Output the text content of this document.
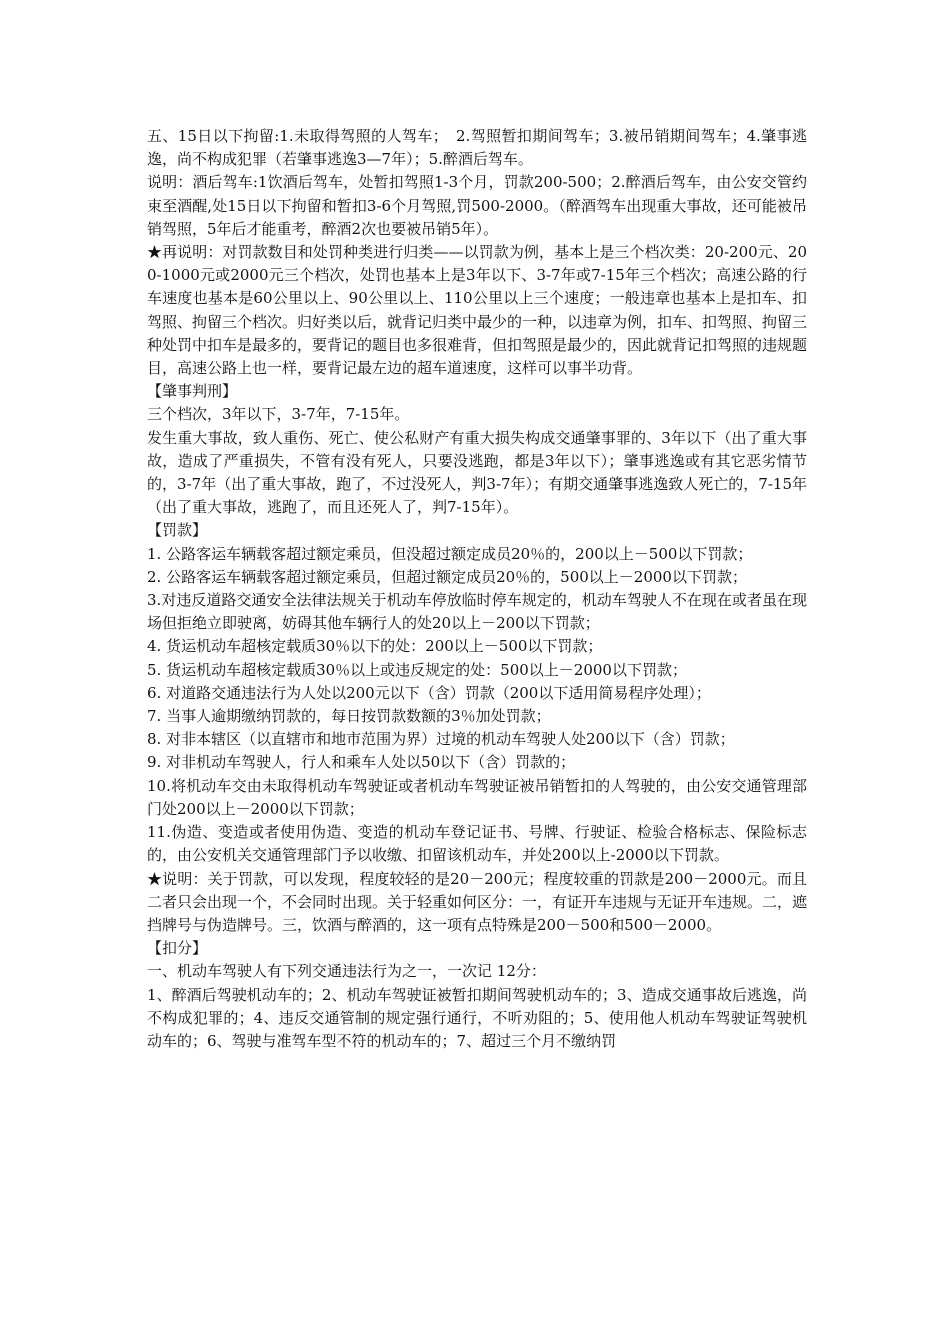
五、15日以下拘留:1.未取得驾照的人驾车；　2.驾照暂扣期间驾车；3.被吊销期间驾车；4.肇事逃逸，尚不构成犯罪（若肇事逃逸3—7年）；5.醉酒后驾车。

说明：酒后驾车:1饮酒后驾车，处暂扣驾照1-3个月，罚款200-500；2.醉酒后驾车，由公安交管约束至酒醒,处15日以下拘留和暂扣3-6个月驾照,罚500-2000。（醉酒驾车出现重大事故，还可能被吊销驾照，5年后才能重考，醉酒2次也要被吊销5年）。

★再说明：对罚款数目和处罚种类进行归类——以罚款为例，基本上是三个档次类：20-200元、200-1000元或2000元三个档次，处罚也基本上是3年以下、3-7年或7-15年三个档次；高速公路的行车速度也基本是60公里以上、90公里以上、110公里以上三个速度；一般违章也基本上是扣车、扣驾照、拘留三个档次。归好类以后，就背记归类中最少的一种，以违章为例，扣车、扣驾照、拘留三种处罚中扣车是最多的，要背记的题目也多很难背，但扣驾照是最少的，因此就背记扣驾照的违规题目，高速公路上也一样，要背记最左边的超车道速度，这样可以事半功背。

【肇事判刑】

三个档次，3年以下，3-7年，7-15年。

发生重大事故，致人重伤、死亡、使公私财产有重大损失构成交通肇事罪的、3年以下（出了重大事故，造成了严重损失，不管有没有死人，只要没逃跑，都是3年以下）；肇事逃逸或有其它恶劣情节的，3-7年（出了重大事故，跑了，不过没死人，判3-7年）；有期交通肇事逃逸致人死亡的，7-15年（出了重大事故，逃跑了，而且还死人了，判7-15年）。

【罚款】

1. 公路客运车辆载客超过额定乘员，但没超过额定成员20％的，200以上－500以下罚款；

2. 公路客运车辆载客超过额定乘员，但超过额定成员20％的，500以上－2000以下罚款；

3.对违反道路交通安全法律法规关于机动车停放临时停车规定的，机动车驾驶人不在现在或者虽在现场但拒绝立即驶离，妨碍其他车辆行人的处20以上－200以下罚款；

4. 货运机动车超核定载质30％以下的处：200以上－500以下罚款；

5. 货运机动车超核定载质30％以上或违反规定的处：500以上－2000以下罚款；

6. 对道路交通违法行为人处以200元以下（含）罚款（200以下适用简易程序处理）；

7. 当事人逾期缴纳罚款的，每日按罚款数额的3％加处罚款；

8. 对非本辖区（以直辖市和地市范围为界）过境的机动车驾驶人处200以下（含）罚款；

9. 对非机动车驾驶人，行人和乘车人处以50以下（含）罚款的；

10.将机动车交由未取得机动车驾驶证或者机动车驾驶证被吊销暂扣的人驾驶的，由公安交通管理部门处200以上－2000以下罚款；

11.伪造、变造或者使用伪造、变造的机动车登记证书、号牌、行驶证、检验合格标志、保险标志的，由公安机关交通管理部门予以收缴、扣留该机动车，并处200以上-2000以下罚款。

★说明：关于罚款，可以发现，程度较轻的是20－200元；程度较重的罚款是200－2000元。而且二者只会出现一个，不会同时出现。关于轻重如何区分：一，有证开车违规与无证开车违规。二，遮挡牌号与伪造牌号。三，饮酒与醉酒的，这一项有点特殊是200－500和500－2000。

【扣分】

一、机动车驾驶人有下列交通违法行为之一，一次记 12分：

1、醉酒后驾驶机动车的；2、机动车驾驶证被暂扣期间驾驶机动车的；3、造成交通事故后逃逸，尚不构成犯罪的；4、违反交通管制的规定强行通行，不听劝阻的；5、使用他人机动车驾驶证驾驶机动车的；6、驾驶与准驾车型不符的机动车的；7、超过三个月不缴纳罚
